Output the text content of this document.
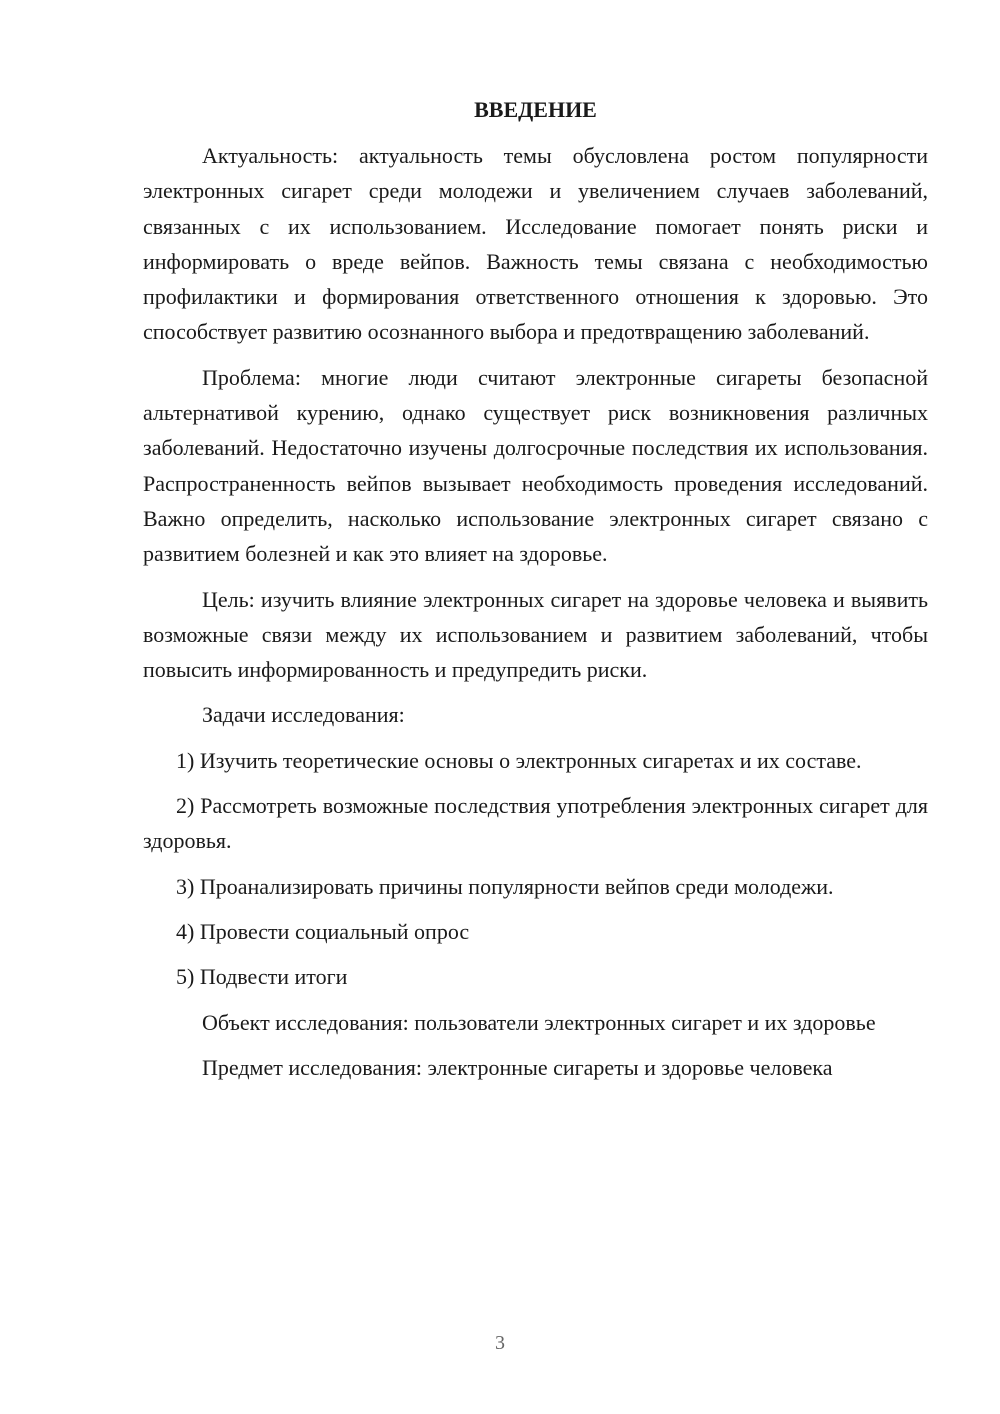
ВВЕДЕНИЕ

Актуальность: актуальность темы обусловлена ростом популярности электронных сигарет среди молодежи и увеличением случаев заболеваний, связанных с их использованием. Исследование помогает понять риски и информировать о вреде вейпов. Важность темы связана с необходимостью профилактики и формирования ответственного отношения к здоровью. Это способствует развитию осознанного выбора и предотвращению заболеваний.

Проблема: многие люди считают электронные сигареты безопасной альтернативой курению, однако существует риск возникновения различных заболеваний. Недостаточно изучены долгосрочные последствия их использования. Распространенность вейпов вызывает необходимость проведения исследований. Важно определить, насколько использование электронных сигарет связано с развитием болезней и как это влияет на здоровье.

Цель: изучить влияние электронных сигарет на здоровье человека и выявить возможные связи между их использованием и развитием заболеваний, чтобы повысить информированность и предупредить риски.

Задачи исследования:

1) Изучить теоретические основы о электронных сигаретах и их составе.

2) Рассмотреть возможные последствия употребления электронных сигарет для здоровья.

3) Проанализировать причины популярности вейпов среди молодежи.

4) Провести социальный опрос

5) Подвести итоги

Объект исследования: пользователи электронных сигарет и их здоровье

Предмет исследования: электронные сигареты и здоровье человека

3
